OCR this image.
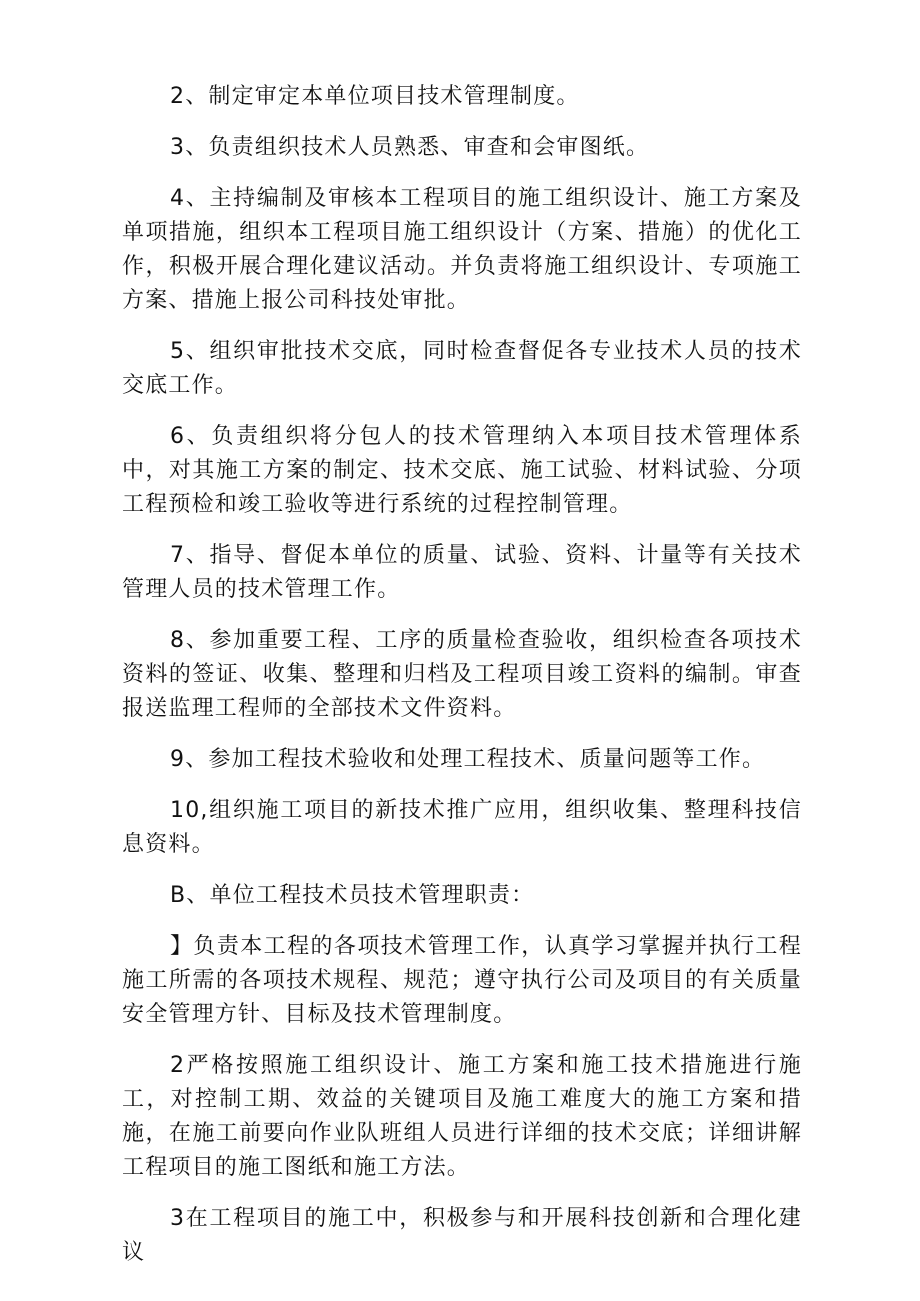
2、制定审定本单位项目技术管理制度。

3、负责组织技术人员熟悉、审查和会审图纸。

4、主持编制及审核本工程项目的施工组织设计、施工方案及单项措施，组织本工程项目施工组织设计（方案、措施）的优化工作，积极开展合理化建议活动。并负责将施工组织设计、专项施工方案、措施上报公司科技处审批。

5、组织审批技术交底，同时检查督促各专业技术人员的技术交底工作。

6、负责组织将分包人的技术管理纳入本项目技术管理体系中，对其施工方案的制定、技术交底、施工试验、材料试验、分项工程预检和竣工验收等进行系统的过程控制管理。

7、指导、督促本单位的质量、试验、资料、计量等有关技术管理人员的技术管理工作。

8、参加重要工程、工序的质量检查验收，组织检查各项技术资料的签证、收集、整理和归档及工程项目竣工资料的编制。审查报送监理工程师的全部技术文件资料。

9、参加工程技术验收和处理工程技术、质量问题等工作。

10,组织施工项目的新技术推广应用，组织收集、整理科技信息资料。

B、单位工程技术员技术管理职责：

】负责本工程的各项技术管理工作，认真学习掌握并执行工程施工所需的各项技术规程、规范；遵守执行公司及项目的有关质量安全管理方针、目标及技术管理制度。

2严格按照施工组织设计、施工方案和施工技术措施进行施工，对控制工期、效益的关键项目及施工难度大的施工方案和措施，在施工前要向作业队班组人员进行详细的技术交底；详细讲解工程项目的施工图纸和施工方法。

3在工程项目的施工中，积极参与和开展科技创新和合理化建议
